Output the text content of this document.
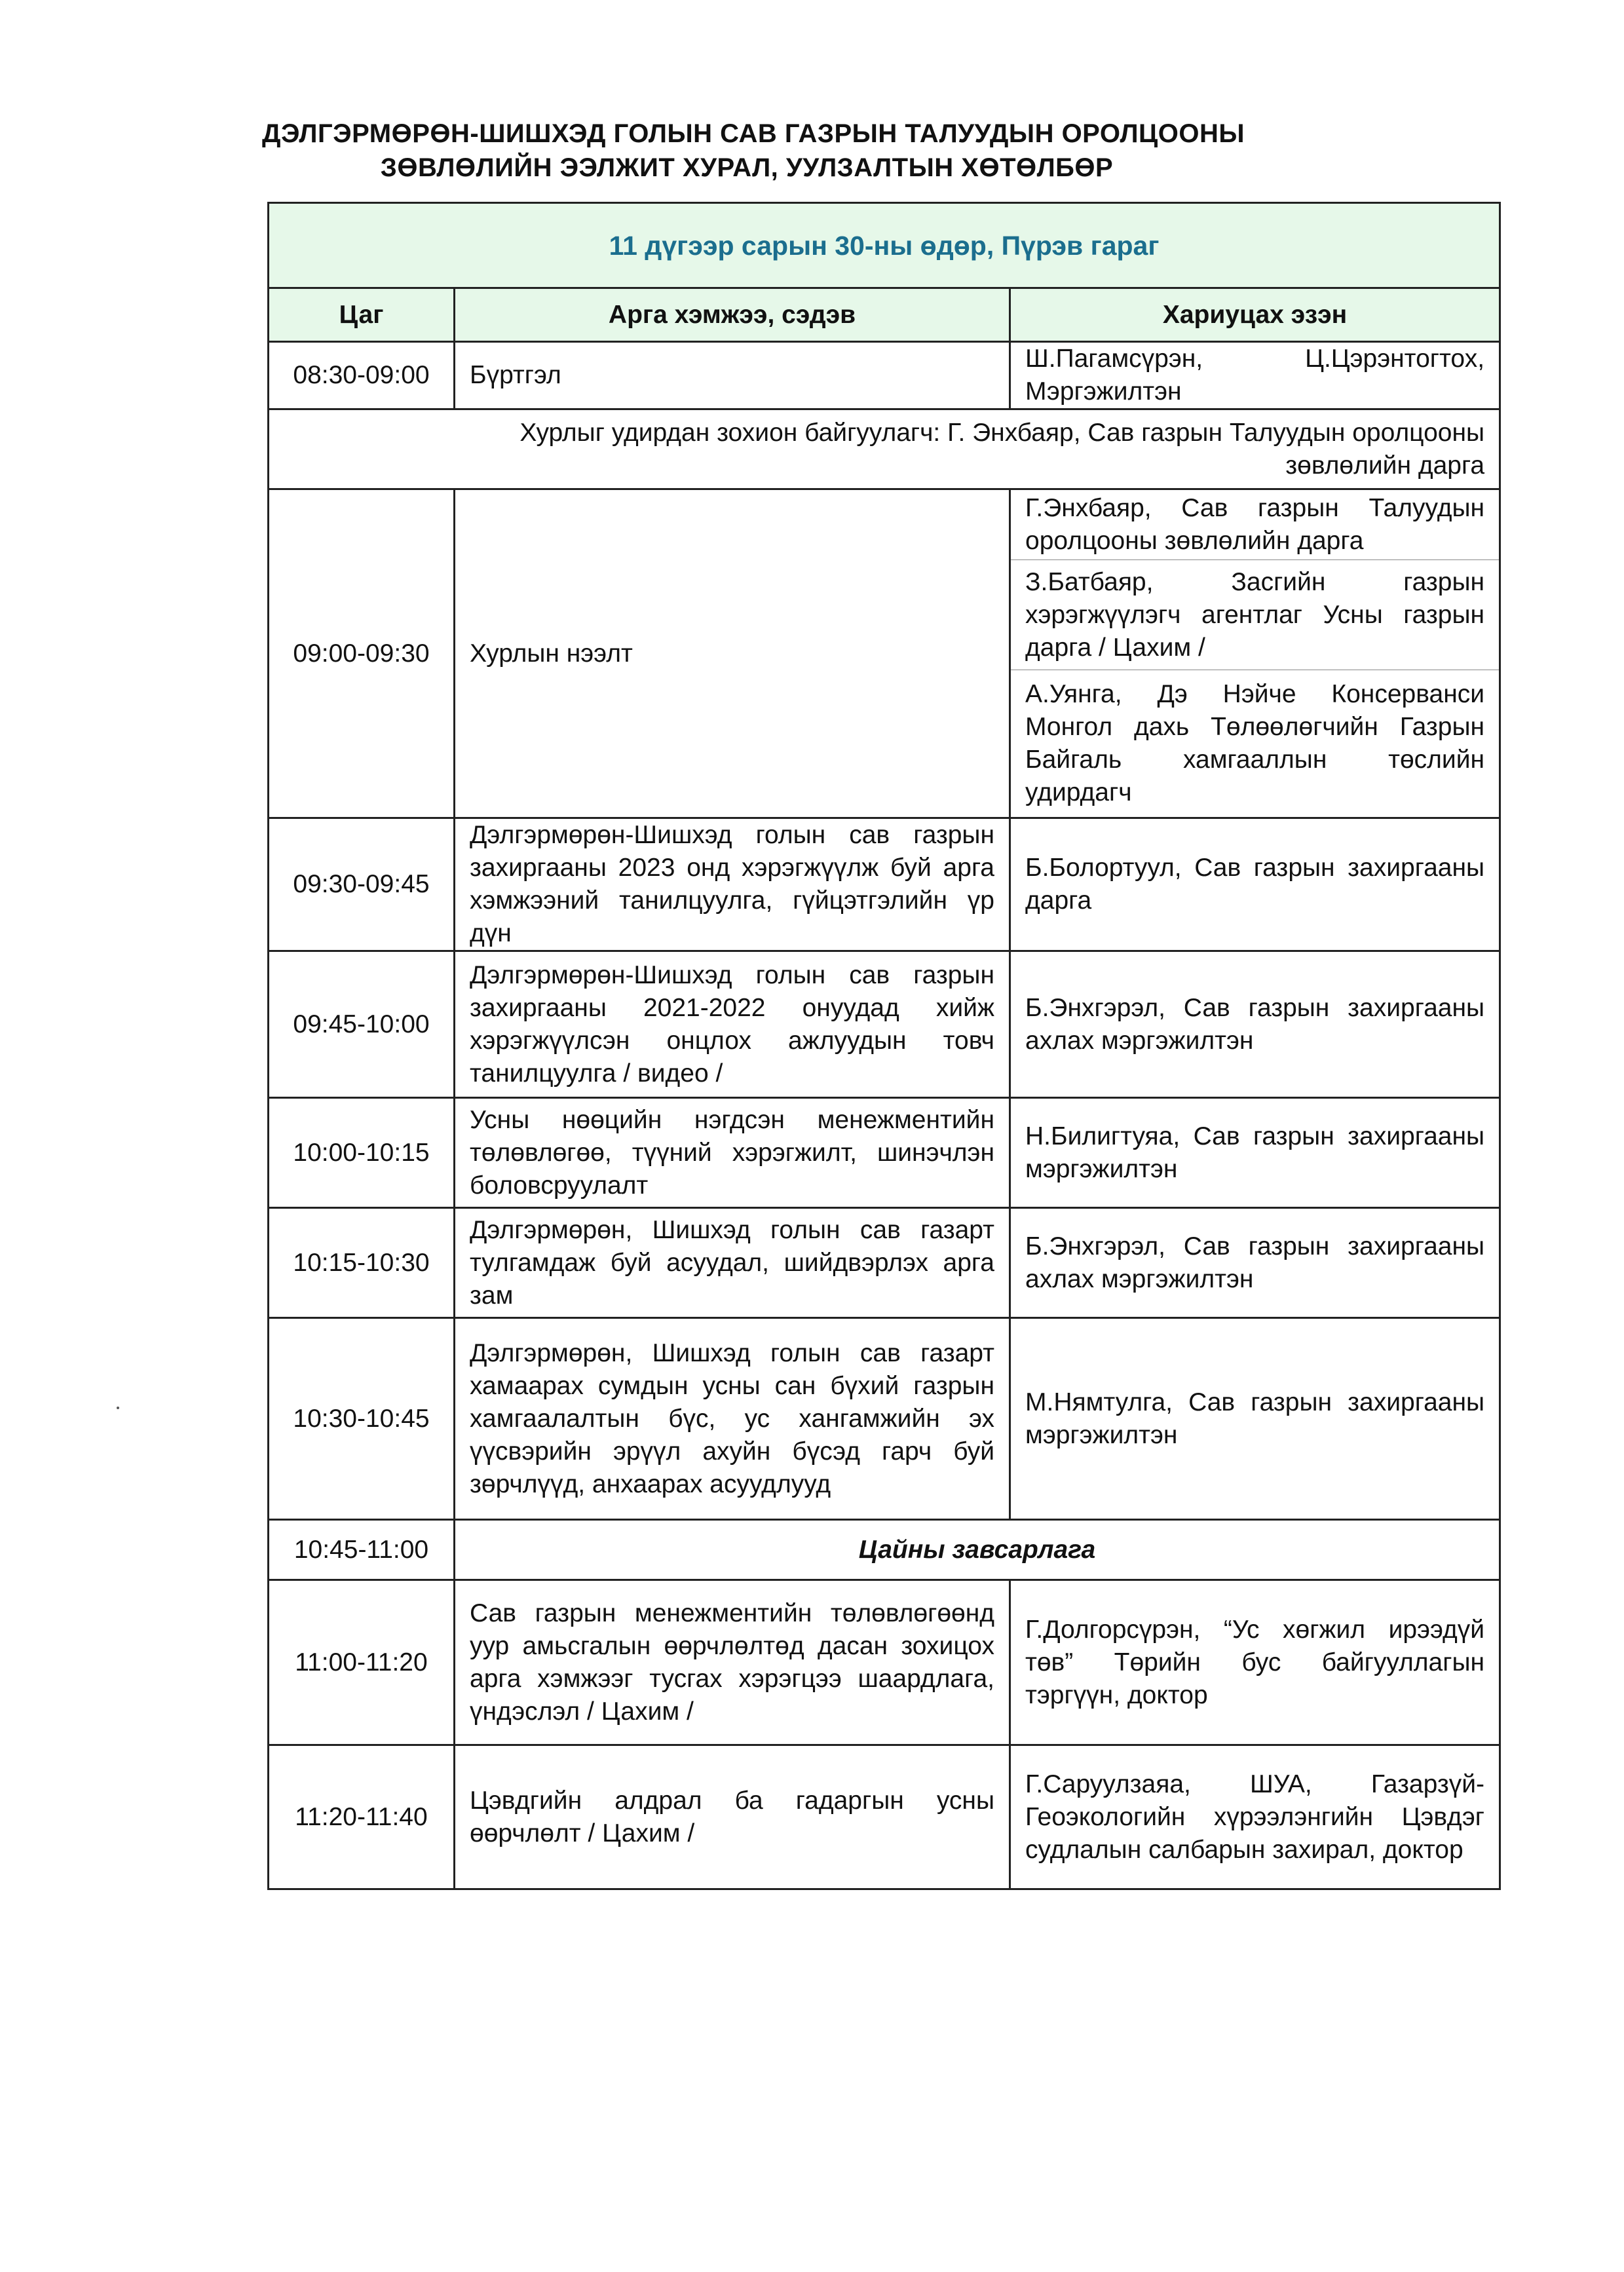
ДЭЛГЭРМӨРӨН-ШИШХЭД ГОЛЫН САВ ГАЗРЫН ТАЛУУДЫН ОРОЛЦООНЫ
ЗӨВЛӨЛИЙН ЭЭЛЖИТ ХУРАЛ, УУЛЗАЛТЫН ХӨТӨЛБӨР
11 дүгээр сарын 30-ны өдөр, Пүрэв гараг		
Цаг	Арга хэмжээ, сэдэв	Хариуцах эзэн
08:30-09:00	Бүртгэл	Ш.Пагамсүрэн, Ц.Цэрэнтогтох, Мэргэжилтэн

Хурлыг удирдан зохион байгуулагч: Г. Энхбаяр, Сав газрын Талуудын оролцооны
зөвлөлийн дарга		

09:00-09:30	Хурлын нээлт	Г.Энхбаяр, Сав газрын Талуудын оролцооны зөвлөлийн дарга
		З.Батбаяр, Засгийн газрын хэрэгжүүлэгч агентлаг Усны газрын дарга / Цахим /
		А.Уянга, Дэ Нэйче Консерванси Монгол дахь Төлөөлөгчийн Газрын Байгаль хамгааллын төслийн удирдагч
09:30-09:45	Дэлгэрмөрөн-Шишхэд голын сав газрын захиргааны 2023 онд хэрэгжүүлж буй арга хэмжээний танилцуулга, гүйцэтгэлийн үр дүн	Б.Болортуул, Сав газрын захиргааны дарга
09:45-10:00	Дэлгэрмөрөн-Шишхэд голын сав газрын захиргааны 2021-2022 онуудад хийж хэрэгжүүлсэн онцлох ажлуудын товч танилцуулга / видео /	Б.Энхгэрэл, Сав газрын захиргааны ахлах мэргэжилтэн
10:00-10:15	Усны нөөцийн нэгдсэн менежментийн төлөвлөгөө, түүний хэрэгжилт, шинэчлэн боловсруулалт	Н.Билигтуяа, Сав газрын захиргааны мэргэжилтэн
10:15-10:30	Дэлгэрмөрөн, Шишхэд голын сав газарт тулгамдаж буй асуудал, шийдвэрлэх арга зам	Б.Энхгэрэл, Сав газрын захиргааны ахлах мэргэжилтэн
10:30-10:45	Дэлгэрмөрөн, Шишхэд голын сав газарт хамаарах сумдын усны сан бүхий газрын хамгаалалтын бүс, ус хангамжийн эх үүсвэрийн эрүүл ахуйн бүсэд гарч буй зөрчлүүд, анхаарах асуудлууд	М.Нямтулга, Сав газрын захиргааны мэргэжилтэн
10:45-11:00	Цайны завсарлага	
11:00-11:20	Сав газрын менежментийн төлөвлөгөөнд уур амьсгалын өөрчлөлтөд дасан зохицох арга хэмжээг тусгах хэрэгцээ шаардлага, үндэслэл / Цахим /	Г.Долгорсүрэн, “Ус хөгжил ирээдүй төв” Төрийн бус байгууллагын тэргүүн, доктор
11:20-11:40	Цэвдгийн алдрал ба гадаргын усны өөрчлөлт / Цахим /	Г.Саруулзаяа, ШУА, Газарзүй-Геоэкологийн хүрээлэнгийн Цэвдэг судлалын салбарын захирал, доктор
